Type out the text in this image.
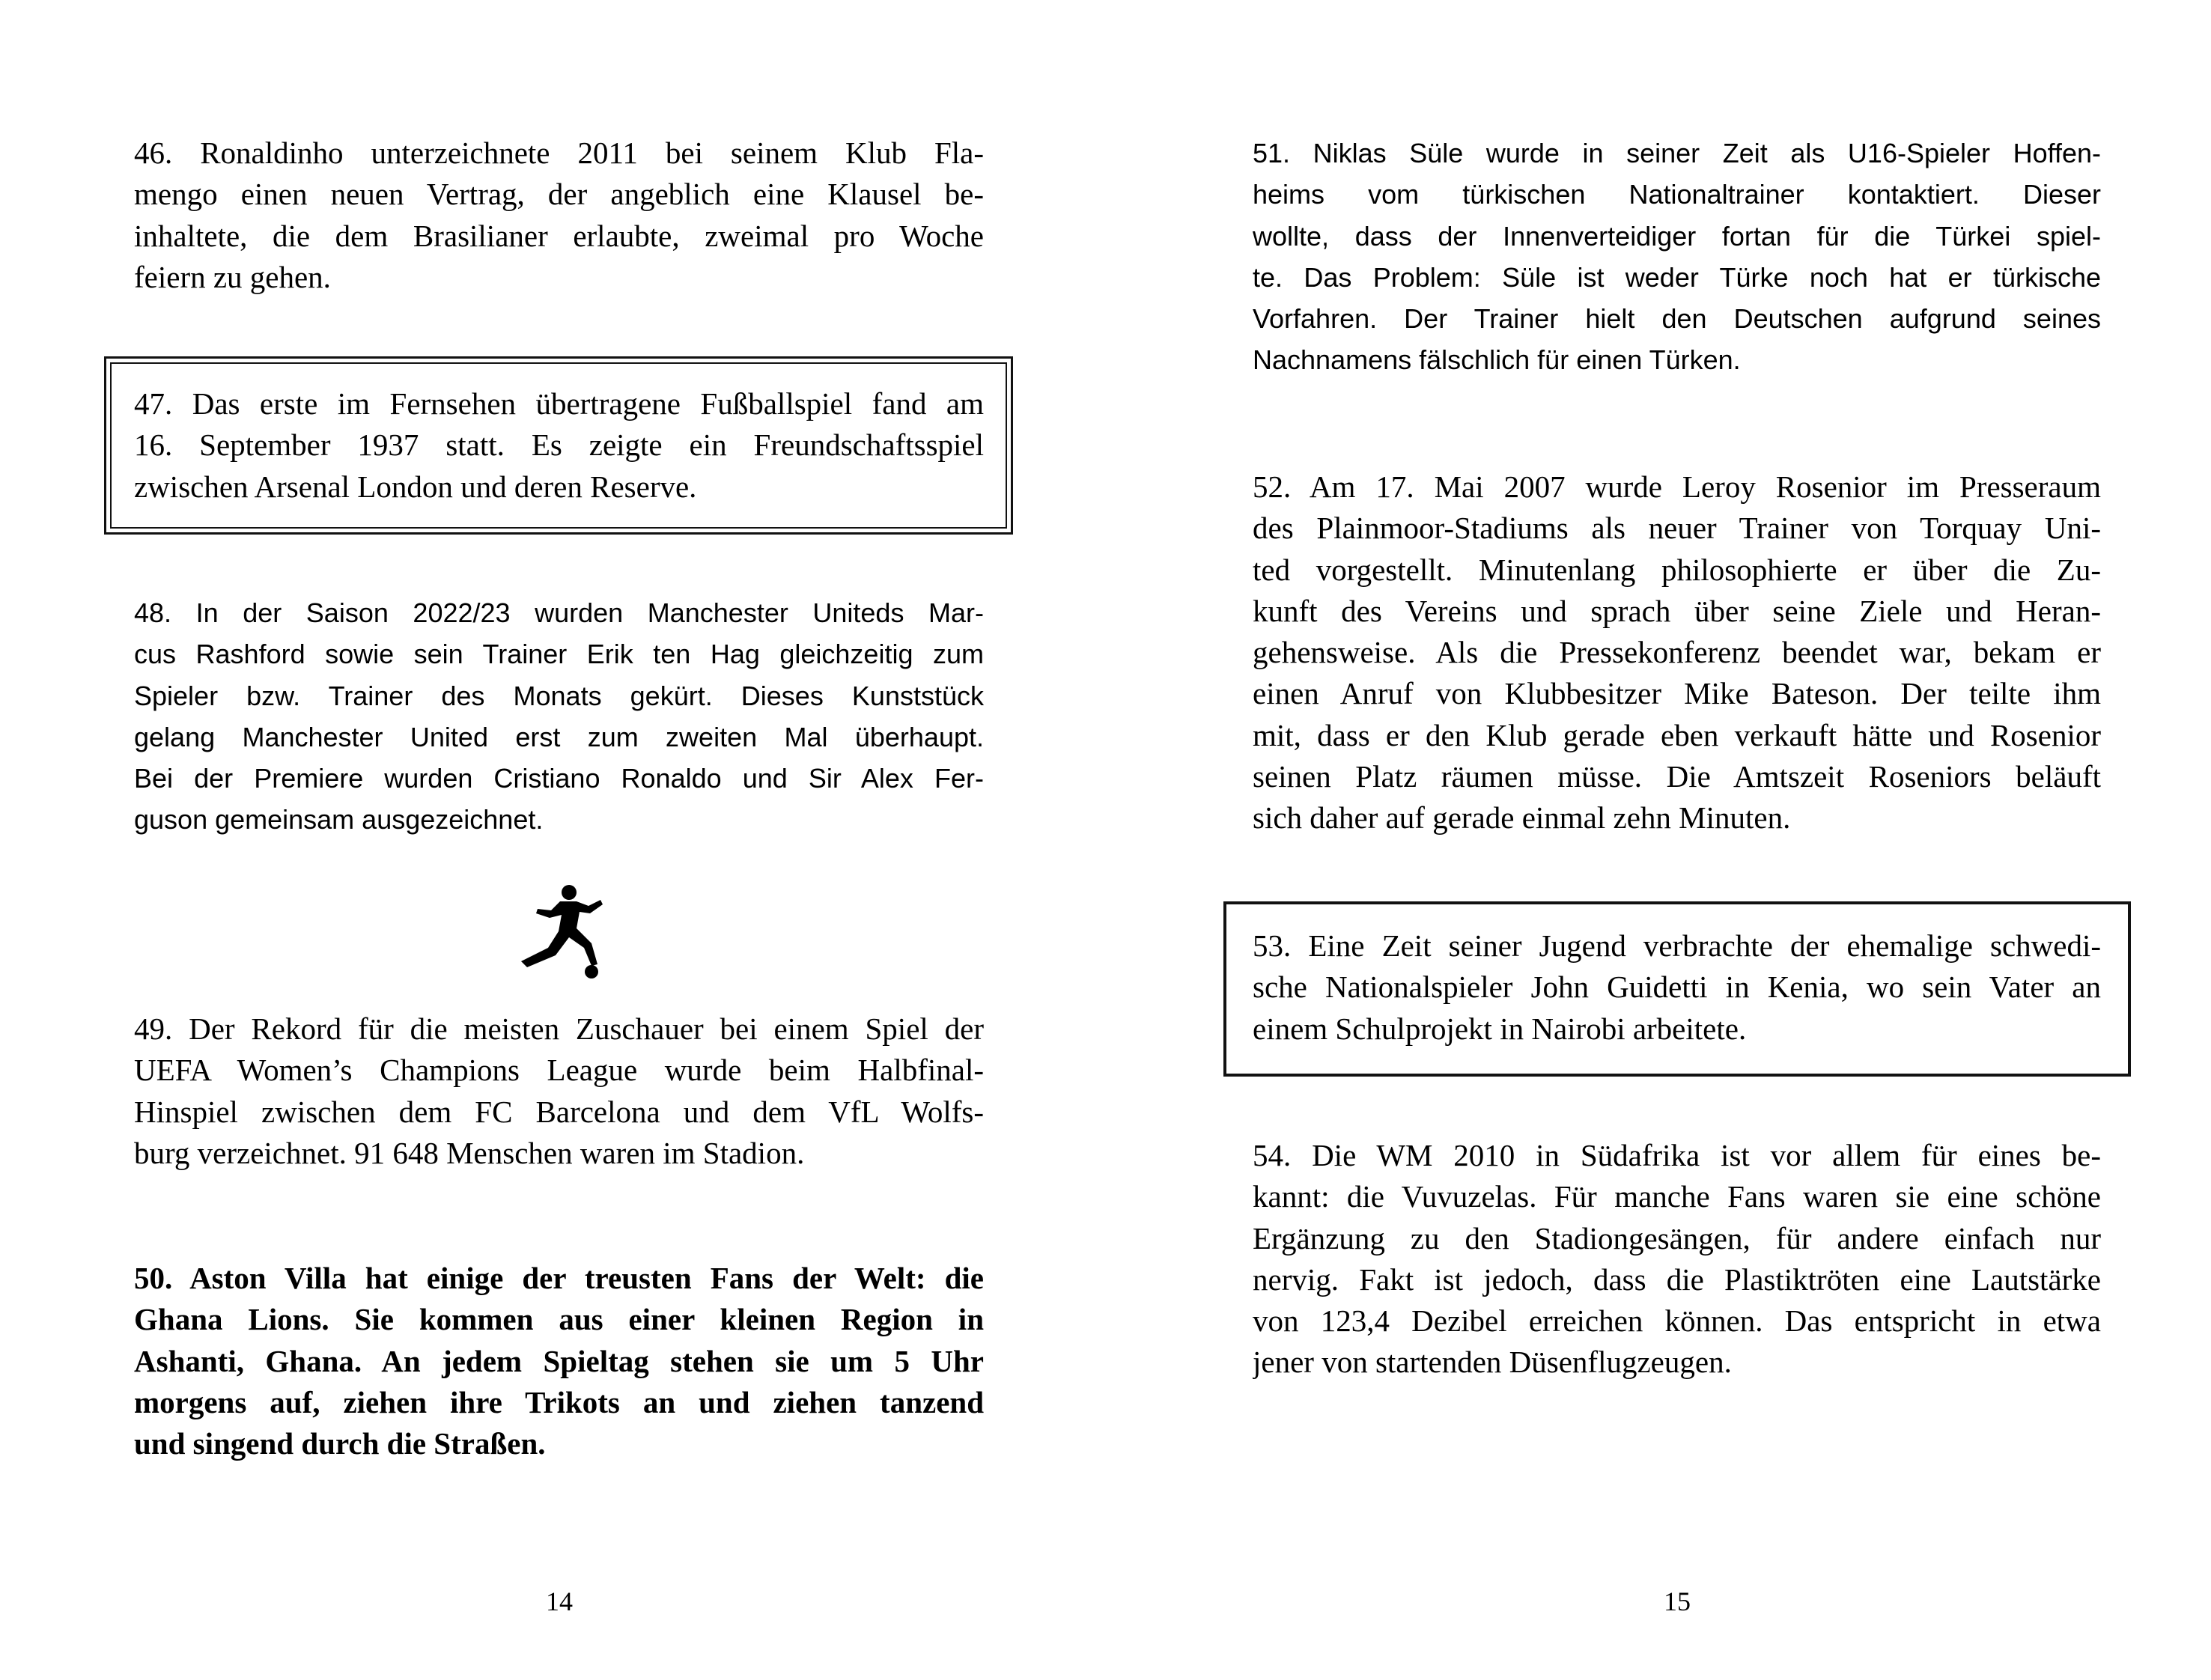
46. Ronaldinho unterzeichnete 2011 bei seinem Klub Fla-
mengo einen neuen Vertrag, der angeblich eine Klausel be-
inhaltete, die dem Brasilianer erlaubte, zweimal pro Woche
feiern zu gehen.
47. Das erste im Fernsehen übertragene Fußballspiel fand am
16. September 1937 statt. Es zeigte ein Freundschaftsspiel
zwischen Arsenal London und deren Reserve.
48. In der Saison 2022/23 wurden Manchester Uniteds Mar-
cus Rashford sowie sein Trainer Erik ten Hag gleichzeitig zum
Spieler bzw. Trainer des Monats gekürt. Dieses Kunststück
gelang Manchester United erst zum zweiten Mal überhaupt.
Bei der Premiere wurden Cristiano Ronaldo und Sir Alex Fer-
guson gemeinsam ausgezeichnet.
49. Der Rekord für die meisten Zuschauer bei einem Spiel der
UEFA Women’s Champions League wurde beim Halbfinal-
Hinspiel zwischen dem FC Barcelona und dem VfL Wolfs-
burg verzeichnet. 91 648 Menschen waren im Stadion.
50. Aston Villa hat einige der treusten Fans der Welt: die
Ghana Lions. Sie kommen aus einer kleinen Region in
Ashanti, Ghana. An jedem Spieltag stehen sie um 5 Uhr
morgens auf, ziehen ihre Trikots an und ziehen tanzend
und singend durch die Straßen.
14
51. Niklas Süle wurde in seiner Zeit als U16-Spieler Hoffen-
heims vom türkischen Nationaltrainer kontaktiert. Dieser
wollte, dass der Innenverteidiger fortan für die Türkei spiel-
te. Das Problem: Süle ist weder Türke noch hat er türkische
Vorfahren. Der Trainer hielt den Deutschen aufgrund seines
Nachnamens fälschlich für einen Türken.
52. Am 17. Mai 2007 wurde Leroy Rosenior im Presseraum
des Plainmoor-Stadiums als neuer Trainer von Torquay Uni-
ted vorgestellt. Minutenlang philosophierte er über die Zu-
kunft des Vereins und sprach über seine Ziele und Heran-
gehensweise. Als die Pressekonferenz beendet war, bekam er
einen Anruf von Klubbesitzer Mike Bateson. Der teilte ihm
mit, dass er den Klub gerade eben verkauft hätte und Rosenior
seinen Platz räumen müsse. Die Amtszeit Roseniors beläuft
sich daher auf gerade einmal zehn Minuten.
53. Eine Zeit seiner Jugend verbrachte der ehemalige schwedi-
sche Nationalspieler John Guidetti in Kenia, wo sein Vater an
einem Schulprojekt in Nairobi arbeitete.
54. Die WM 2010 in Südafrika ist vor allem für eines be-
kannt: die Vuvuzelas. Für manche Fans waren sie eine schöne
Ergänzung zu den Stadiongesängen, für andere einfach nur
nervig. Fakt ist jedoch, dass die Plastiktröten eine Lautstärke
von 123,4 Dezibel erreichen können. Das entspricht in etwa
jener von startenden Düsenflugzeugen.
15
